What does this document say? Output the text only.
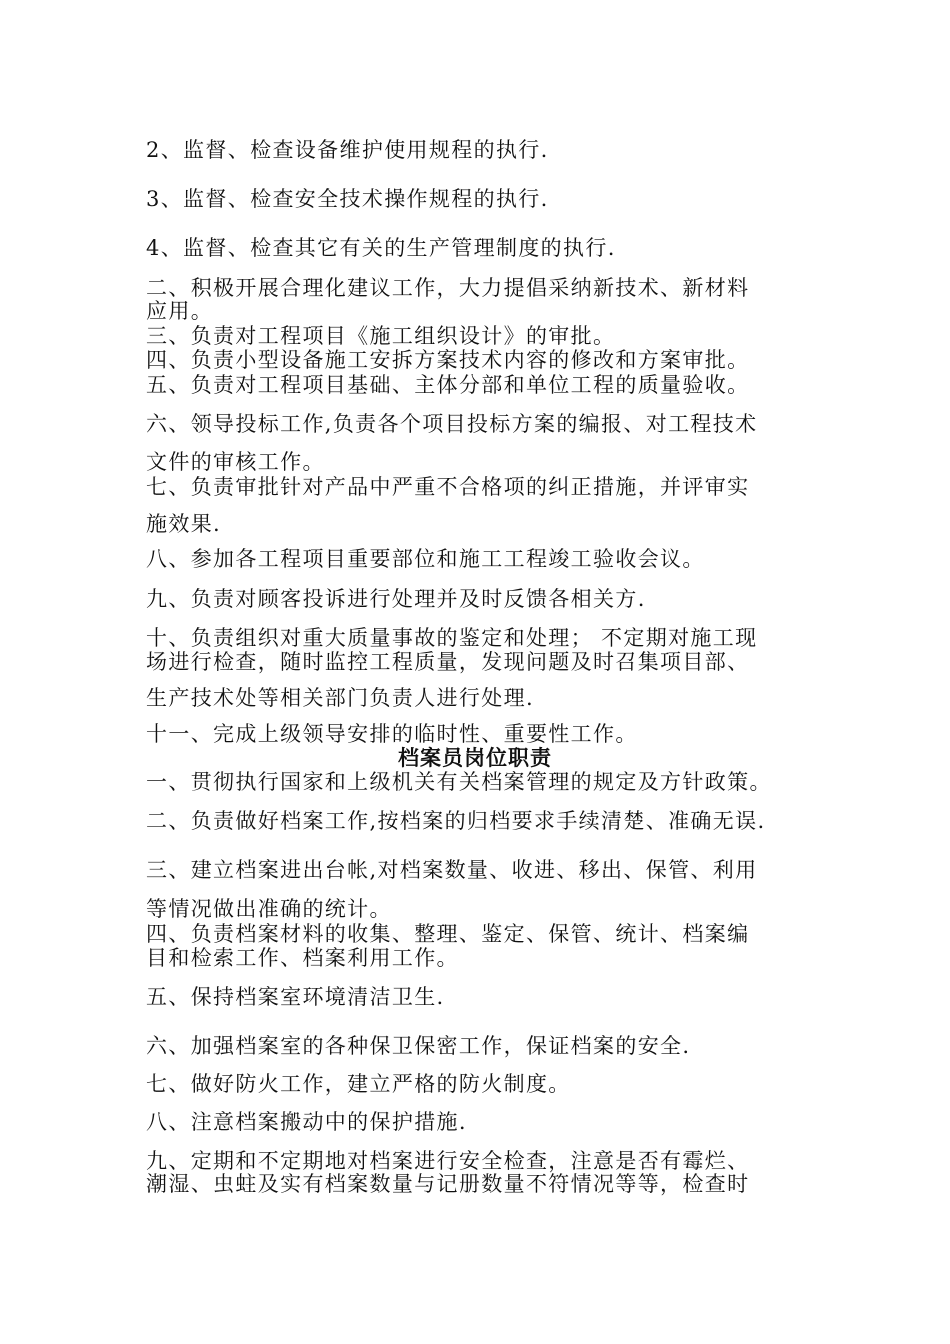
2、监督、检查设备维护使用规程的执行.
3、监督、检查安全技术操作规程的执行.
4、监督、检查其它有关的生产管理制度的执行.
二、积极开展合理化建议工作，大力提倡采纳新技术、新材料
应用。
三、负责对工程项目《施工组织设计》的审批。
四、负责小型设备施工安拆方案技术内容的修改和方案审批。
五、负责对工程项目基础、主体分部和单位工程的质量验收。
六、领导投标工作,负责各个项目投标方案的编报、对工程技术
文件的审核工作。
七、负责审批针对产品中严重不合格项的纠正措施，并评审实
施效果.
八、参加各工程项目重要部位和施工工程竣工验收会议。
九、负责对顾客投诉进行处理并及时反馈各相关方.
十、负责组织对重大质量事故的鉴定和处理； 不定期对施工现
场进行检查，随时监控工程质量，发现问题及时召集项目部、
生产技术处等相关部门负责人进行处理.
十一、完成上级领导安排的临时性、重要性工作。
档案员岗位职责
一、贯彻执行国家和上级机关有关档案管理的规定及方针政策。
二、负责做好档案工作,按档案的归档要求手续清楚、准确无误.
三、建立档案进出台帐,对档案数量、收进、移出、保管、利用
等情况做出准确的统计。
四、负责档案材料的收集、整理、鉴定、保管、统计、档案编
目和检索工作、档案利用工作。
五、保持档案室环境清洁卫生.
六、加强档案室的各种保卫保密工作，保证档案的安全.
七、做好防火工作，建立严格的防火制度。
八、注意档案搬动中的保护措施.
九、定期和不定期地对档案进行安全检查，注意是否有霉烂、
潮湿、虫蛀及实有档案数量与记册数量不符情况等等，检查时
